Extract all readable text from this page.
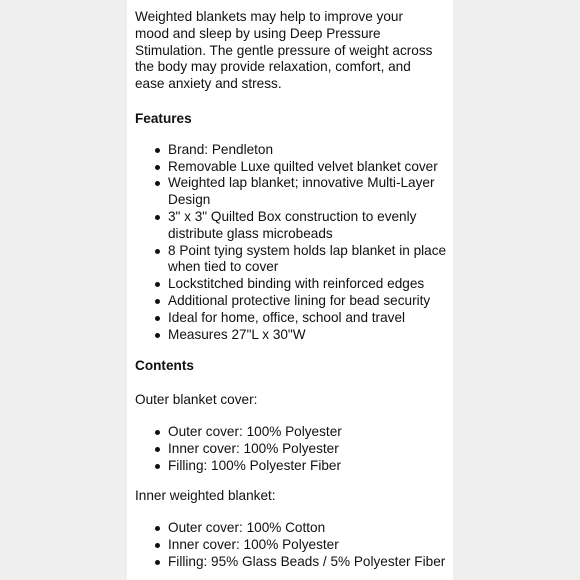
Weighted blankets may help to improve your mood and sleep by using Deep Pressure Stimulation. The gentle pressure of weight across the body may provide relaxation, comfort, and ease anxiety and stress.

Features
Brand: Pendleton
Removable Luxe quilted velvet blanket cover
Weighted lap blanket; innovative Multi-Layer Design
3" x 3" Quilted Box construction to evenly distribute glass microbeads
8 Point tying system holds lap blanket in place when tied to cover
Lockstitched binding with reinforced edges
Additional protective lining for bead security
Ideal for home, office, school and travel
Measures 27"L x 30"W
Contents

Outer blanket cover:

Outer cover: 100% Polyester
Inner cover: 100% Polyester
Filling: 100% Polyester Fiber

Inner weighted blanket:

Outer cover: 100% Cotton
Inner cover: 100% Polyester
Filling: 95% Glass Beads / 5% Polyester Fiber
